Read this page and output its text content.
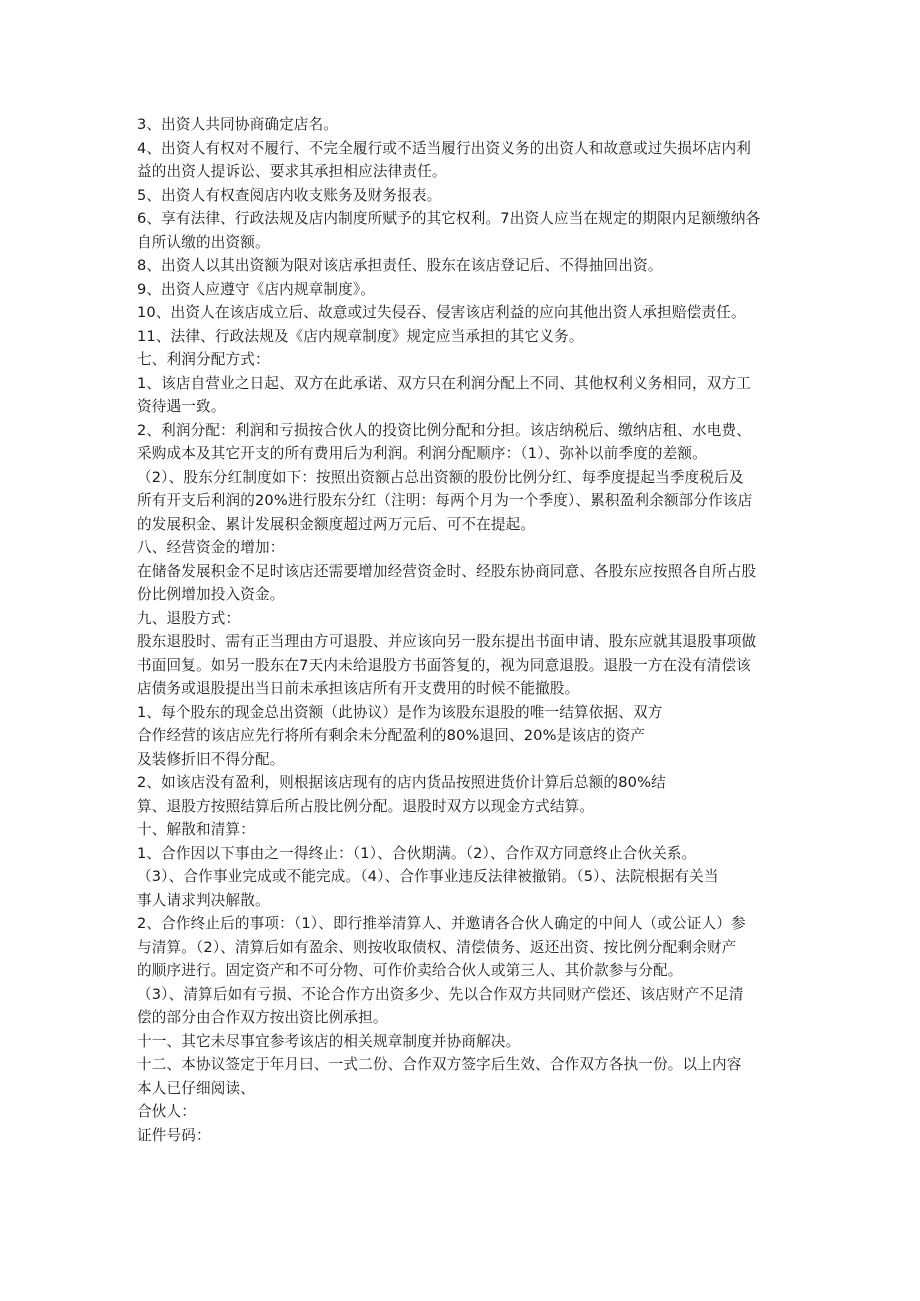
3、出资人共同协商确定店名。
4、出资人有权对不履行、不完全履行或不适当履行出资义务的出资人和故意或过失损坏店内利
益的出资人提诉讼、要求其承担相应法律责任。
5、出资人有权查阅店内收支账务及财务报表。
6、享有法律、行政法规及店内制度所赋予的其它权利。7出资人应当在规定的期限内足额缴纳各
自所认缴的出资额。
8、出资人以其出资额为限对该店承担责任、股东在该店登记后、不得抽回出资。
9、出资人应遵守《店内规章制度》。
10、出资人在该店成立后、故意或过失侵吞、侵害该店利益的应向其他出资人承担赔偿责任。
11、法律、行政法规及《店内规章制度》规定应当承担的其它义务。
七、利润分配方式：
1、该店自营业之日起、双方在此承诺、双方只在利润分配上不同、其他权利义务相同，双方工
资待遇一致。
2、利润分配：利润和亏损按合伙人的投资比例分配和分担。该店纳税后、缴纳店租、水电费、
采购成本及其它开支的所有费用后为利润。利润分配顺序：（1）、弥补以前季度的差额。
（2）、股东分红制度如下：按照出资额占总出资额的股份比例分红、每季度提起当季度税后及
所有开支后利润的20%进行股东分红（注明：每两个月为一个季度）、累积盈利余额部分作该店
的发展积金、累计发展积金额度超过两万元后、可不在提起。
八、经营资金的增加：
在储备发展积金不足时该店还需要增加经营资金时、经股东协商同意、各股东应按照各自所占股
份比例增加投入资金。
九、退股方式：
股东退股时、需有正当理由方可退股、并应该向另一股东提出书面申请、股东应就其退股事项做
书面回复。如另一股东在7天内未给退股方书面答复的，视为同意退股。退股一方在没有清偿该
店债务或退股提出当日前未承担该店所有开支费用的时候不能撤股。
1、每个股东的现金总出资额（此协议）是作为该股东退股的唯一结算依据、双方
合作经营的该店应先行将所有剩余未分配盈利的80%退回、20%是该店的资产
及装修折旧不得分配。
2、如该店没有盈利，则根据该店现有的店内货品按照进货价计算后总额的80%结
算、退股方按照结算后所占股比例分配。退股时双方以现金方式结算。
十、解散和清算：
1、合作因以下事由之一得终止：（1）、合伙期满。（2）、合作双方同意终止合伙关系。
（3）、合作事业完成或不能完成。（4）、合作事业违反法律被撤销。（5）、法院根据有关当
事人请求判决解散。
2、合作终止后的事项：（1）、即行推举清算人、并邀请各合伙人确定的中间人（或公证人）参
与清算。（2）、清算后如有盈余、则按收取债权、清偿债务、返还出资、按比例分配剩余财产
的顺序进行。固定资产和不可分物、可作价卖给合伙人或第三人、其价款参与分配。
（3）、清算后如有亏损、不论合作方出资多少、先以合作双方共同财产偿还、该店财产不足清
偿的部分由合作双方按出资比例承担。
十一、其它未尽事宜参考该店的相关规章制度并协商解决。
十二、本协议签定于年月曰、一式二份、合作双方签字后生效、合作双方各执一份。以上内容
本人已仔细阅读、
合伙人：
证件号码：
